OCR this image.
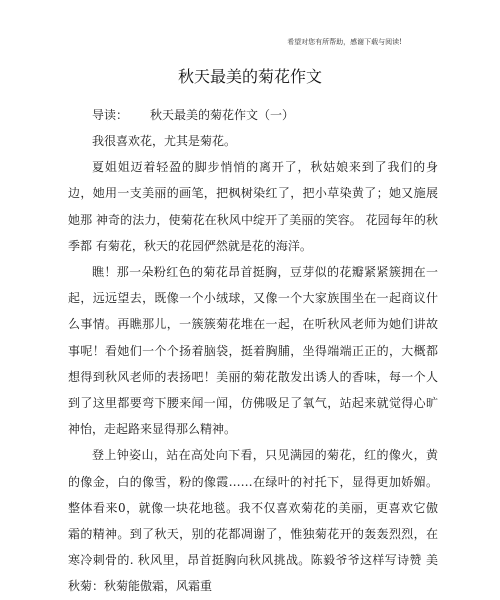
希望对您有所帮助，感谢下载与阅读!
秋天最美的菊花作文
导读： 秋天最美的菊花作文（一）

我很喜欢花，尤其是菊花。

夏姐姐迈着轻盈的脚步悄悄的离开了，秋姑娘来到了我们的身边，她用一支美丽的画笔，把枫树染红了，把小草染黄了；她又施展她那 神奇的法力，使菊花在秋风中绽开了美丽的笑容。 花园每年的秋季都 有菊花，秋天的花园俨然就是花的海洋。

瞧！那一朵粉红色的菊花昂首挺胸，豆芽似的花瓣紧紧簇拥在一 起，远远望去，既像一个小绒球，又像一个大家族围坐在一起商议什 么事情。再瞧那儿，一簇簇菊花堆在一起，在听秋风老师为她们讲故 事呢！看她们一个个扬着脑袋，挺着胸脯，坐得端端正正的，大概都 想得到秋风老师的表扬吧！美丽的菊花散发出诱人的香味，每一个人 到了这里都要弯下腰来闻一闻，仿佛吸足了氧气，站起来就觉得心旷 神怡，走起路来显得那么精神。

登上钟姿山，站在高处向下看，只见满园的菊花，红的像火，黄 的像金，白的像雪，粉的像霞……在绿叶的衬托下，显得更加娇媚。 整体看来0，就像一块花地毯。我不仅喜欢菊花的美丽，更喜欢它傲 霜的精神。到了秋天，别的花都凋谢了，惟独菊花开的轰轰烈烈，在 寒冷刺骨的. 秋风里，昂首挺胸向秋风挑战。陈毅爷爷这样写诗赞 美秋菊：秋菊能傲霜，风霜重
